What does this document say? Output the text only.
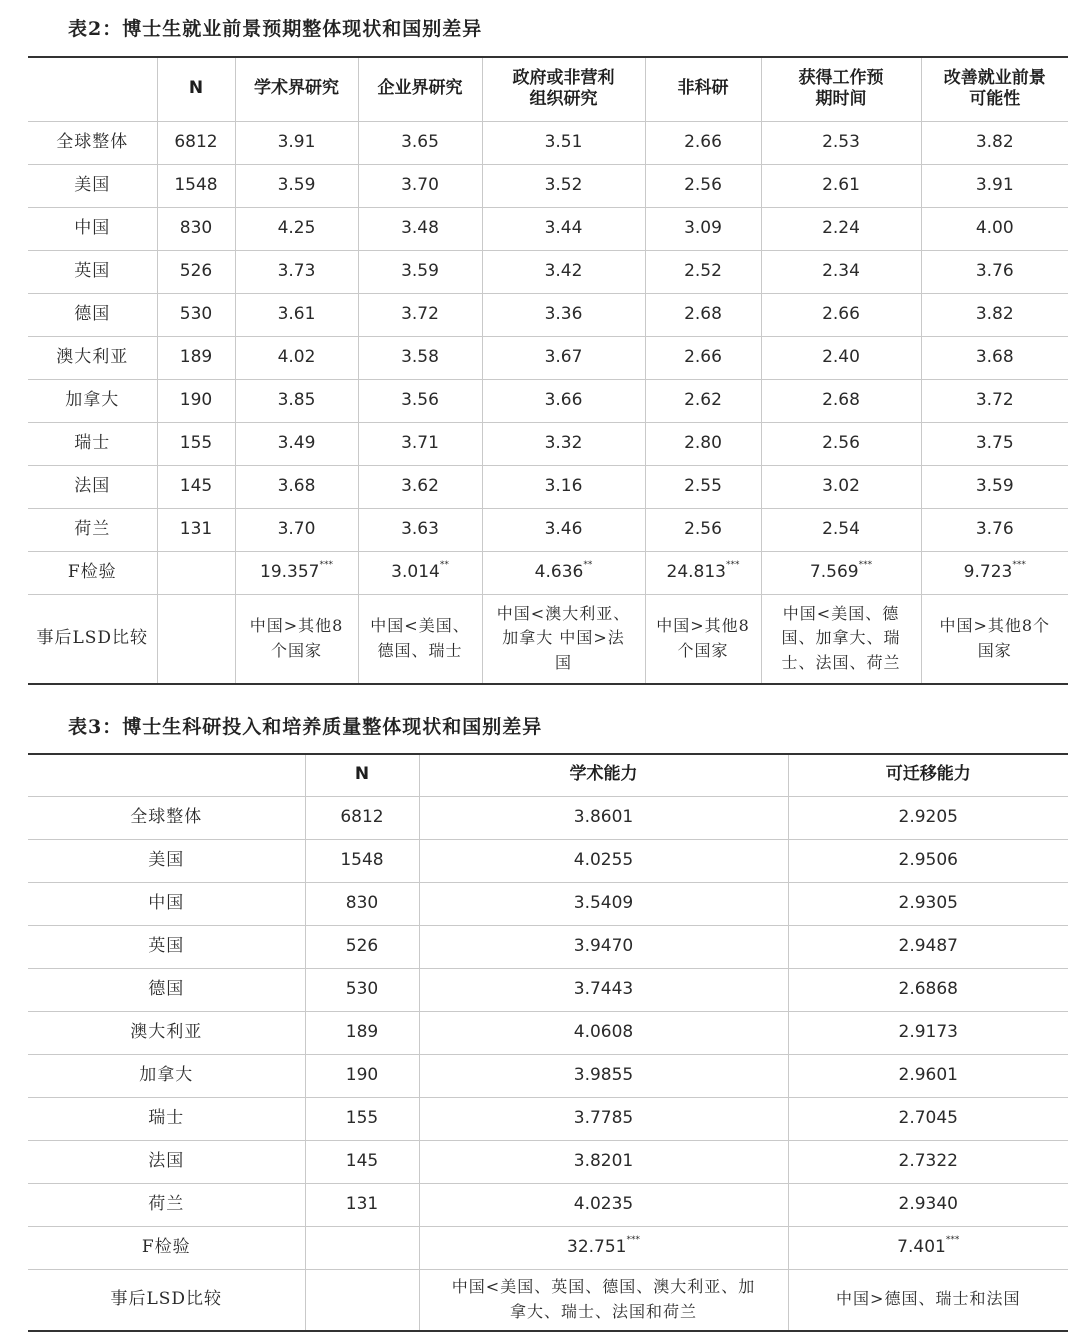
表2：博士生就业前景预期整体现状和国别差异
	N	学术界研究	企业界研究	政府或非营利组织研究	非科研	获得工作预期时间	改善就业前景可能性
全球整体	6812	3.91	3.65	3.51	2.66	2.53	3.82
美国	1548	3.59	3.70	3.52	2.56	2.61	3.91
中国	830	4.25	3.48	3.44	3.09	2.24	4.00
英国	526	3.73	3.59	3.42	2.52	2.34	3.76
德国	530	3.61	3.72	3.36	2.68	2.66	3.82
澳大利亚	189	4.02	3.58	3.67	2.66	2.40	3.68
加拿大	190	3.85	3.56	3.66	2.62	2.68	3.72
瑞士	155	3.49	3.71	3.32	2.80	2.56	3.75
法国	145	3.68	3.62	3.16	2.55	3.02	3.59
荷兰	131	3.70	3.63	3.46	2.56	2.54	3.76
F检验		19.357***	3.014**	4.636**	24.813***	7.569***	9.723***
事后LSD比较		中国>其他8个国家	中国<美国、德国、瑞士	中国<澳大利亚、加拿大 中国>法国	中国>其他8个国家	中国<美国、德国、加拿大、瑞士、法国、荷兰	中国>其他8个国家
表3：博士生科研投入和培养质量整体现状和国别差异
	N	学术能力	可迁移能力
全球整体	6812	3.8601	2.9205
美国	1548	4.0255	2.9506
中国	830	3.5409	2.9305
英国	526	3.9470	2.9487
德国	530	3.7443	2.6868
澳大利亚	189	4.0608	2.9173
加拿大	190	3.9855	2.9601
瑞士	155	3.7785	2.7045
法国	145	3.8201	2.7322
荷兰	131	4.0235	2.9340
F检验		32.751***	7.401***
事后LSD比较		中国<美国、英国、德国、澳大利亚、加拿大、瑞士、法国和荷兰	中国>德国、瑞士和法国
